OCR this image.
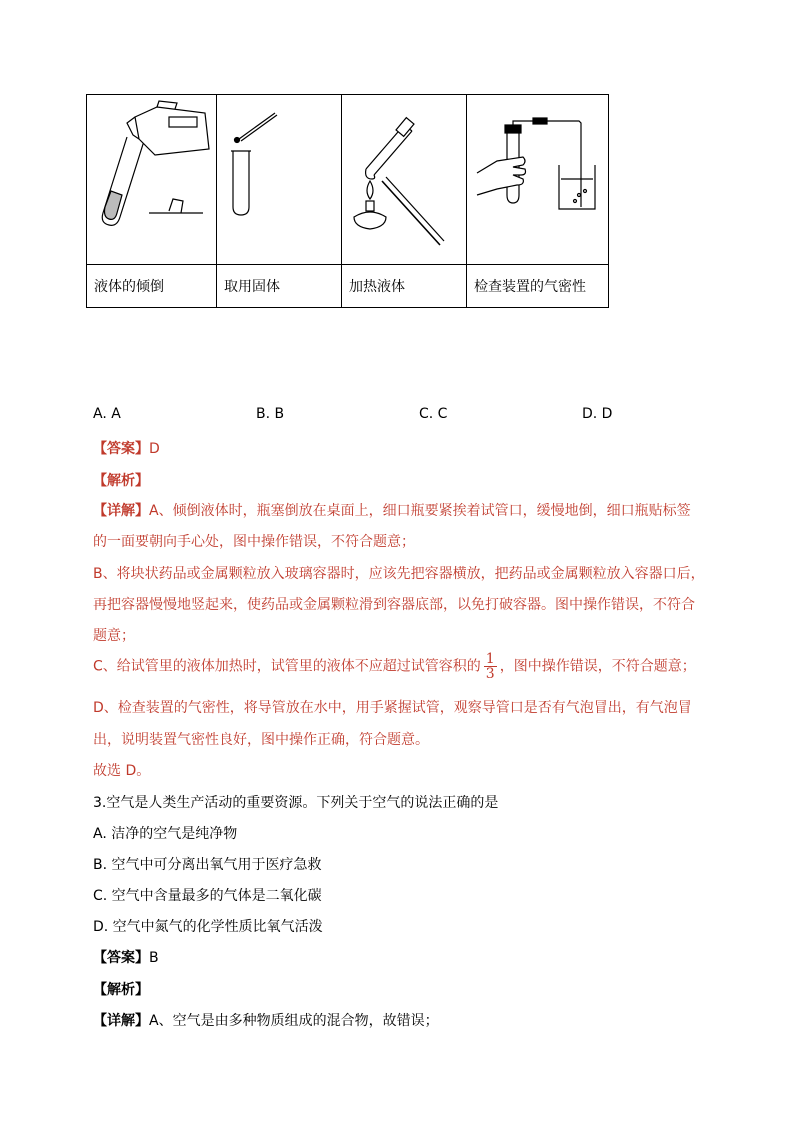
液体的倾倒	取用固体	加热液体	检查装置的气密性
A. A	B. B	C. C	D. D
【答案】D
【解析】
【详解】A、倾倒液体时，瓶塞倒放在桌面上，细口瓶要紧挨着试管口，缓慢地倒，细口瓶贴标签
的一面要朝向手心处，图中操作错误，不符合题意；
B、将块状药品或金属颗粒放入玻璃容器时，应该先把容器横放，把药品或金属颗粒放入容器口后，
再把容器慢慢地竖起来，使药品或金属颗粒滑到容器底部，以免打破容器。图中操作错误，不符合
题意；
C、给试管里的液体加热时，试管里的液体不应超过试管容积的 $\frac{1}{3}$ ，图中操作错误，不符合题意；
D、检查装置的气密性，将导管放在水中，用手紧握试管，观察导管口是否有气泡冒出，有气泡冒
出，说明装置气密性良好，图中操作正确，符合题意。
故选 D。
3.空气是人类生产活动的重要资源。下列关于空气的说法正确的是
A. 洁净的空气是纯净物
B. 空气中可分离出氧气用于医疗急救
C. 空气中含量最多的气体是二氧化碳
D. 空气中氮气的化学性质比氧气活泼
【答案】B
【解析】
【详解】A、空气是由多种物质组成的混合物，故错误；
